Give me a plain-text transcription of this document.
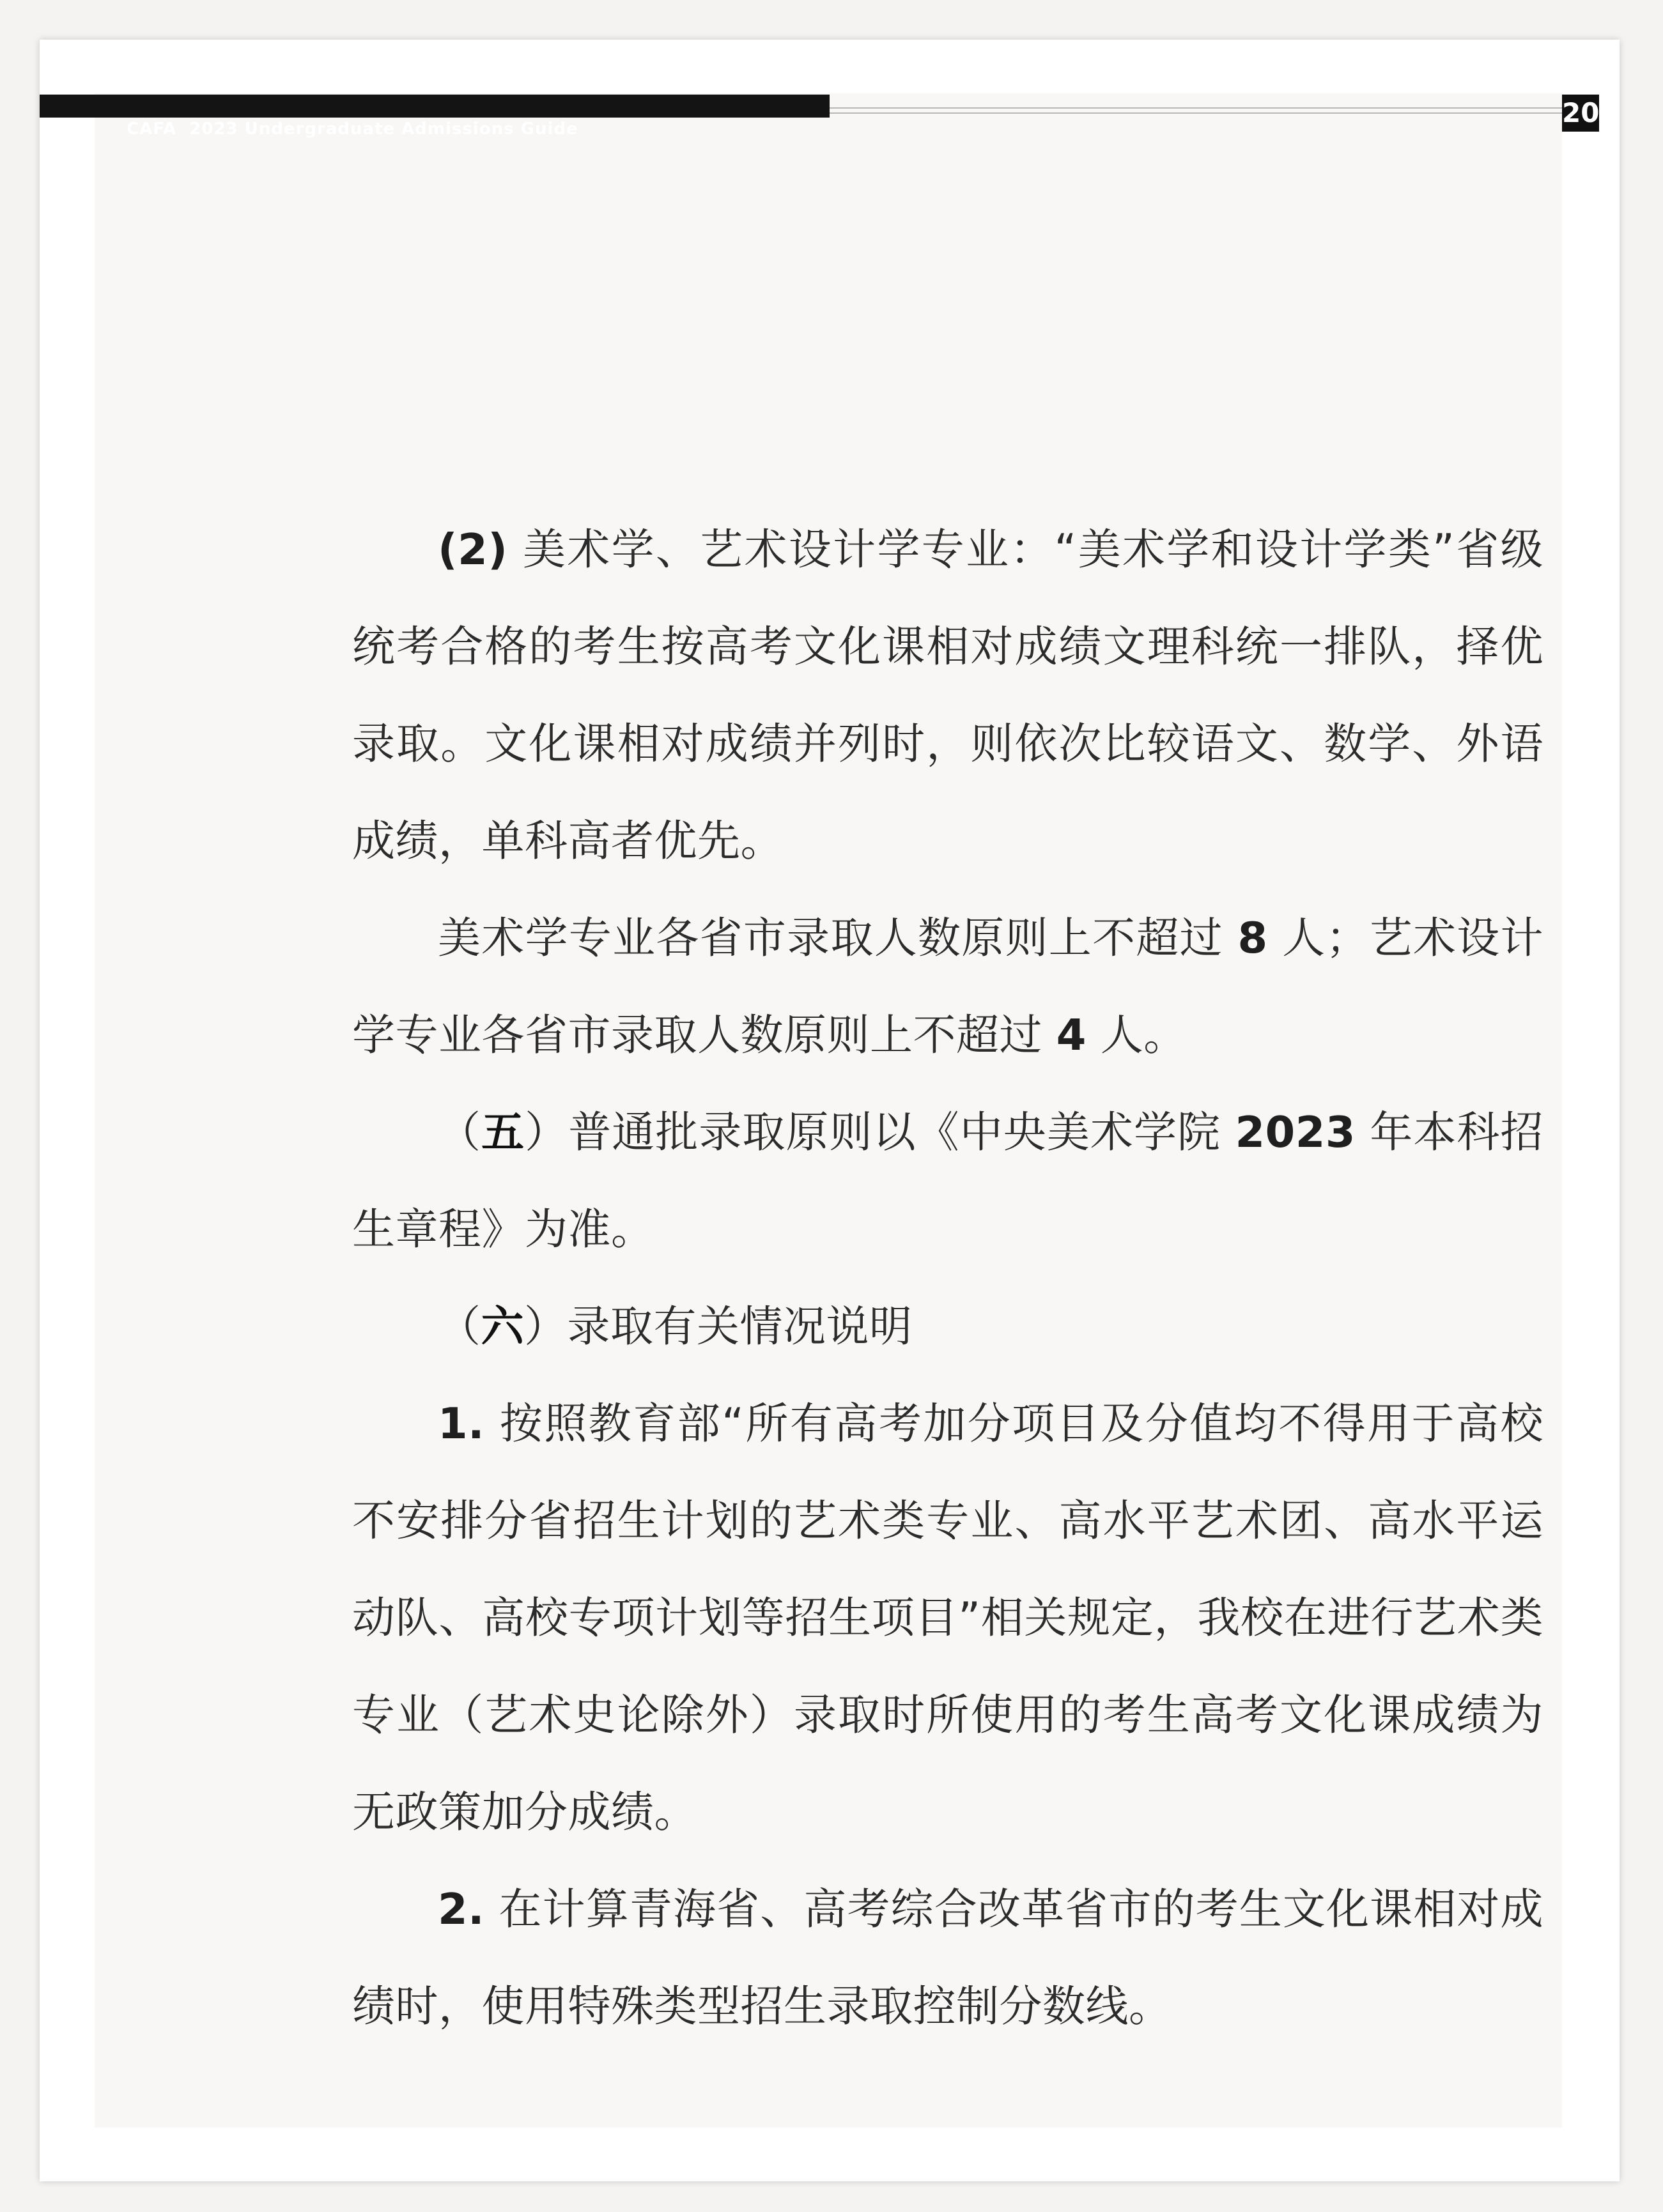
CAFA  2023 Undergraduate Admissions Guide

20

(2) 美术学、艺术设计学专业：“美术学和设计学类”省级统考合格的考生按高考文化课相对成绩文理科统一排队，择优录取。文化课相对成绩并列时，则依次比较语文、数学、外语成绩，单科高者优先。

美术学专业各省市录取人数原则上不超过 8 人；艺术设计学专业各省市录取人数原则上不超过 4 人。

（五）普通批录取原则以《中央美术学院 2023 年本科招生章程》为准。

（六）录取有关情况说明

1. 按照教育部“所有高考加分项目及分值均不得用于高校不安排分省招生计划的艺术类专业、高水平艺术团、高水平运动队、高校专项计划等招生项目”相关规定，我校在进行艺术类专业（艺术史论除外）录取时所使用的考生高考文化课成绩为无政策加分成绩。

2. 在计算青海省、高考综合改革省市的考生文化课相对成绩时，使用特殊类型招生录取控制分数线。
